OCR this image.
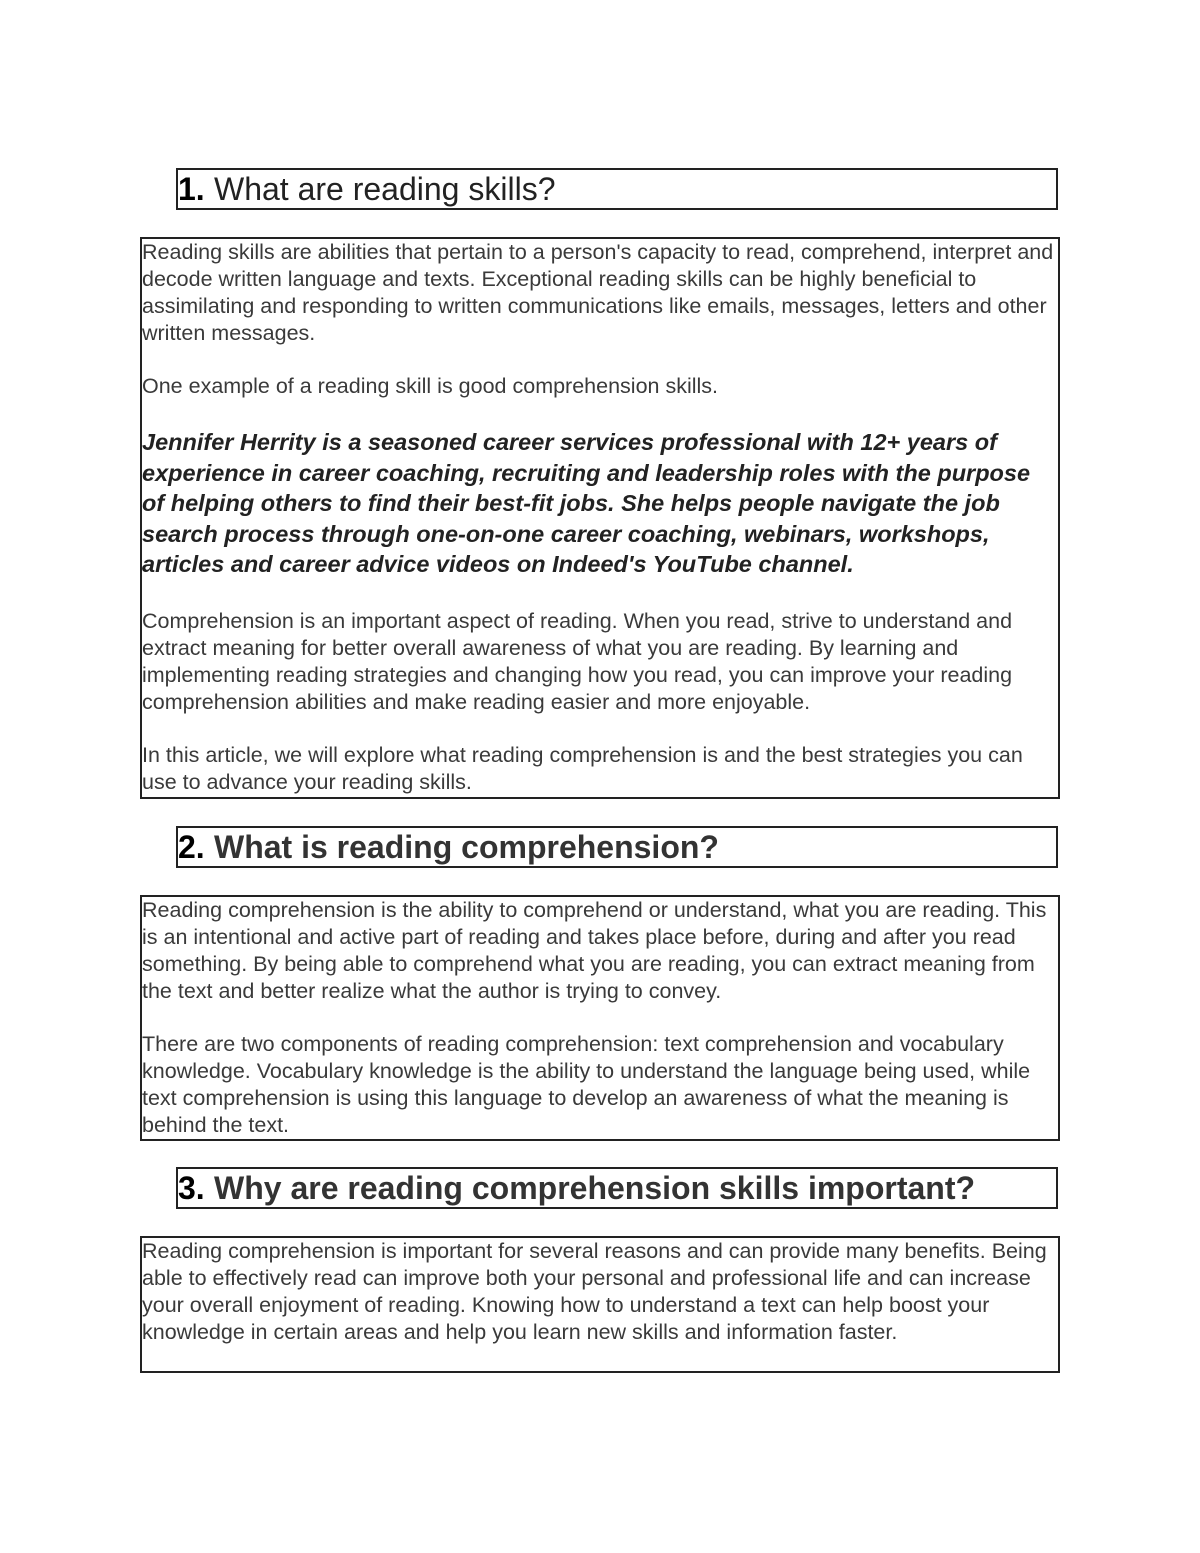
1. What are reading skills?

Reading skills are abilities that pertain to a person's capacity to read, comprehend, interpret and decode written language and texts. Exceptional reading skills can be highly beneficial to assimilating and responding to written communications like emails, messages, letters and other written messages.

One example of a reading skill is good comprehension skills.

Jennifer Herrity is a seasoned career services professional with 12+ years of experience in career coaching, recruiting and leadership roles with the purpose of helping others to find their best-fit jobs. She helps people navigate the job search process through one-on-one career coaching, webinars, workshops, articles and career advice videos on Indeed's YouTube channel.

Comprehension is an important aspect of reading. When you read, strive to understand and extract meaning for better overall awareness of what you are reading. By learning and implementing reading strategies and changing how you read, you can improve your reading comprehension abilities and make reading easier and more enjoyable.

In this article, we will explore what reading comprehension is and the best strategies you can use to advance your reading skills.

2. What is reading comprehension?

Reading comprehension is the ability to comprehend or understand, what you are reading. This is an intentional and active part of reading and takes place before, during and after you read something. By being able to comprehend what you are reading, you can extract meaning from the text and better realize what the author is trying to convey.

There are two components of reading comprehension: text comprehension and vocabulary knowledge. Vocabulary knowledge is the ability to understand the language being used, while text comprehension is using this language to develop an awareness of what the meaning is behind the text.

3. Why are reading comprehension skills important?

Reading comprehension is important for several reasons and can provide many benefits. Being able to effectively read can improve both your personal and professional life and can increase your overall enjoyment of reading. Knowing how to understand a text can help boost your knowledge in certain areas and help you learn new skills and information faster.
